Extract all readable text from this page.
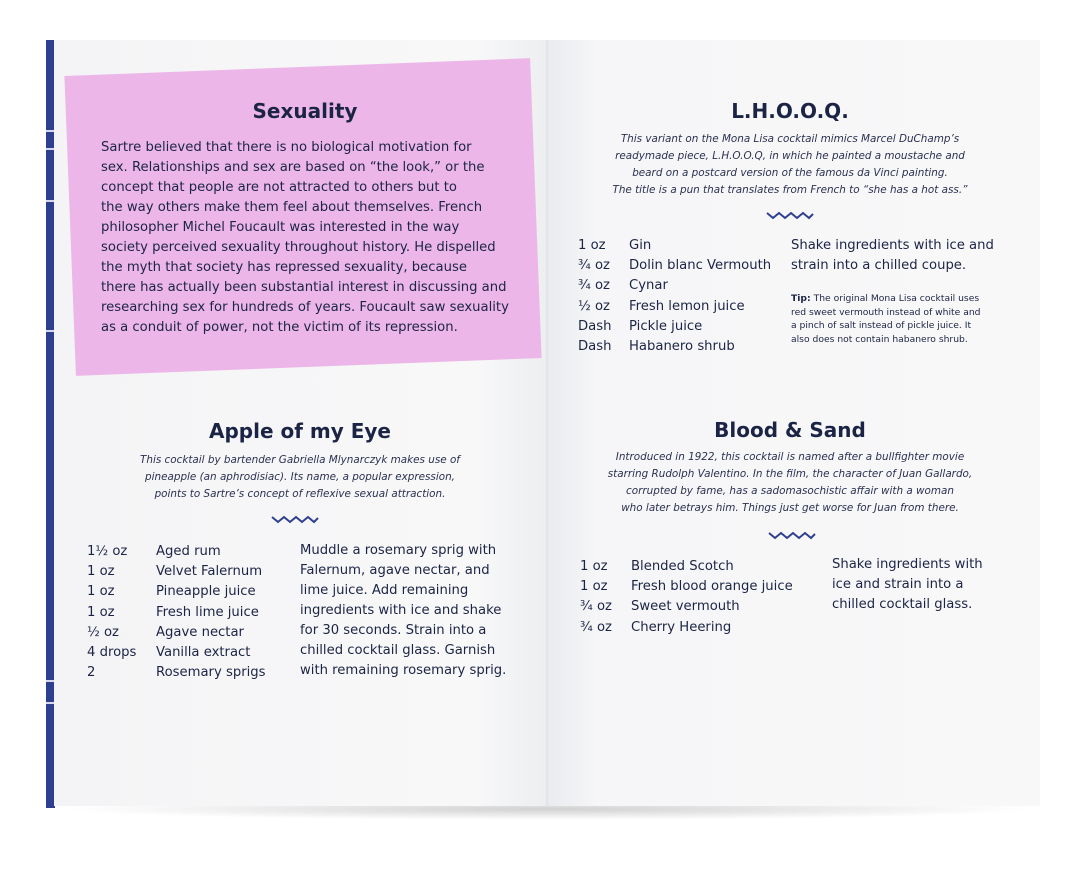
Sexuality
Sartre believed that there is no biological motivation for
sex. Relationships and sex are based on “the look,” or the
concept that people are not attracted to others but to
the way others make them feel about themselves. French
philosopher Michel Foucault was interested in the way
society perceived sexuality throughout history. He dispelled
the myth that society has repressed sexuality, because
there has actually been substantial interest in discussing and
researching sex for hundreds of years. Foucault saw sexuality
as a conduit of power, not the victim of its repression.
Apple of my Eye
This cocktail by bartender Gabriella Mlynarczyk makes use of
pineapple (an aphrodisiac). Its name, a popular expression,
points to Sartre’s concept of reflexive sexual attraction.
1½ oz	Aged rum
1 oz	Velvet Falernum
1 oz	Pineapple juice
1 oz	Fresh lime juice
½ oz	Agave nectar
4 drops	Vanilla extract
2	Rosemary sprigs
Muddle a rosemary sprig with
Falernum, agave nectar, and
lime juice. Add remaining
ingredients with ice and shake
for 30 seconds. Strain into a
chilled cocktail glass. Garnish
with remaining rosemary sprig.
L.H.O.O.Q.
This variant on the Mona Lisa cocktail mimics Marcel DuChamp’s
readymade piece, L.H.O.O.Q, in which he painted a moustache and
beard on a postcard version of the famous da Vinci painting.
The title is a pun that translates from French to “she has a hot ass.”
1 oz	Gin
¾ oz	Dolin blanc Vermouth
¾ oz	Cynar
½ oz	Fresh lemon juice
Dash	Pickle juice
Dash	Habanero shrub
Shake ingredients with ice and
strain into a chilled coupe.
Tip: The original Mona Lisa cocktail uses
red sweet vermouth instead of white and
a pinch of salt instead of pickle juice. It
also does not contain habanero shrub.
Blood & Sand
Introduced in 1922, this cocktail is named after a bullfighter movie
starring Rudolph Valentino. In the film, the character of Juan Gallardo,
corrupted by fame, has a sadomasochistic affair with a woman
who later betrays him. Things just get worse for Juan from there.
1 oz	Blended Scotch
1 oz	Fresh blood orange juice
¾ oz	Sweet vermouth
¾ oz	Cherry Heering
Shake ingredients with
ice and strain into a
chilled cocktail glass.
